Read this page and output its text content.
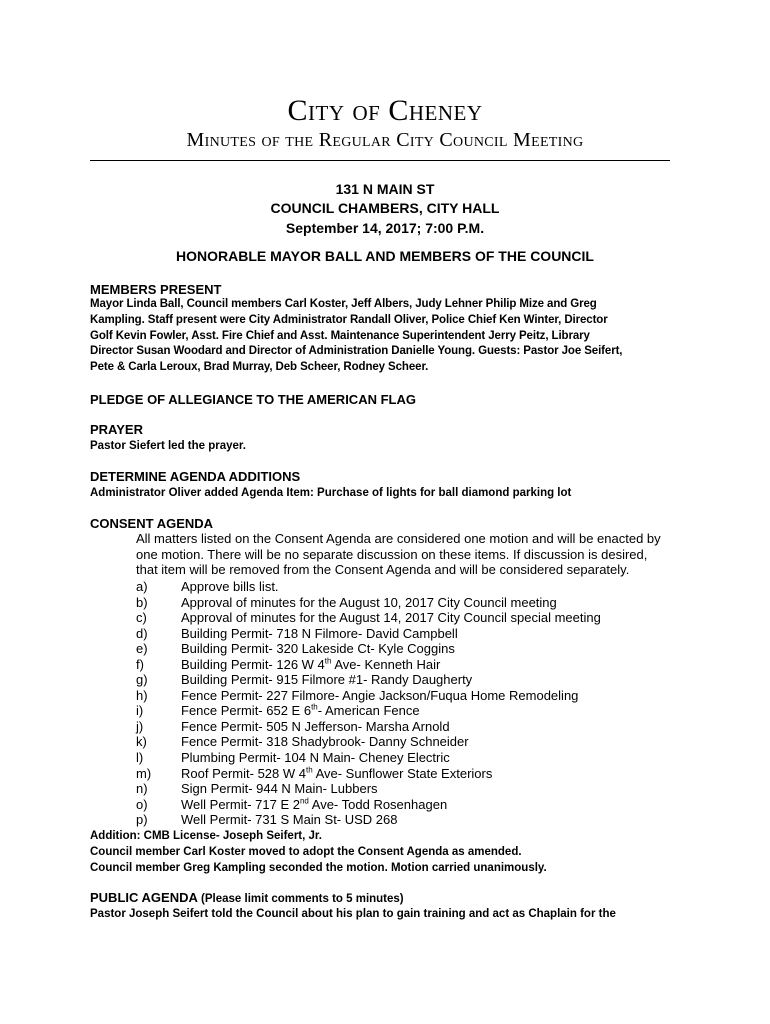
City of Cheney
Minutes of the Regular City Council Meeting
131 N MAIN ST
COUNCIL CHAMBERS, CITY HALL
September 14, 2017; 7:00 P.M.
HONORABLE MAYOR BALL AND MEMBERS OF THE COUNCIL
MEMBERS PRESENT
Mayor Linda Ball, Council members Carl Koster, Jeff Albers, Judy Lehner Philip Mize and Greg
Kampling. Staff present were City Administrator Randall Oliver, Police Chief Ken Winter, Director
Golf Kevin Fowler, Asst. Fire Chief and Asst. Maintenance Superintendent Jerry Peitz, Library
Director Susan Woodard and Director of Administration Danielle Young. Guests: Pastor Joe Seifert,
Pete & Carla Leroux, Brad Murray, Deb Scheer, Rodney Scheer.
PLEDGE OF ALLEGIANCE TO THE AMERICAN FLAG
PRAYER
Pastor Siefert led the prayer.
DETERMINE AGENDA ADDITIONS
Administrator Oliver added Agenda Item: Purchase of lights for ball diamond parking lot
CONSENT AGENDA
All matters listed on the Consent Agenda are considered one motion and will be enacted by
one motion. There will be no separate discussion on these items. If discussion is desired,
that item will be removed from the Consent Agenda and will be considered separately.
a)	Approve bills list.
b)	Approval of minutes for the August 10, 2017 City Council meeting
c)	Approval of minutes for the August 14, 2017 City Council special meeting
d)	Building Permit- 718 N Filmore- David Campbell
e)	Building Permit- 320 Lakeside Ct- Kyle Coggins
f)	Building Permit- 126 W 4th Ave- Kenneth Hair
g)	Building Permit- 915 Filmore #1- Randy Daugherty
h)	Fence Permit- 227 Filmore- Angie Jackson/Fuqua Home Remodeling
i)	Fence Permit- 652 E 6th- American Fence
j)	Fence Permit- 505 N Jefferson- Marsha Arnold
k)	Fence Permit- 318 Shadybrook- Danny Schneider
l)	Plumbing Permit- 104 N Main- Cheney Electric
m)	Roof Permit- 528 W 4th Ave- Sunflower State Exteriors
n)	Sign Permit- 944 N Main- Lubbers
o)	Well Permit- 717 E 2nd Ave- Todd Rosenhagen
p)	Well Permit- 731 S Main St- USD 268
Addition: CMB License- Joseph Seifert, Jr.
Council member Carl Koster moved to adopt the Consent Agenda as amended.
Council member Greg Kampling seconded the motion. Motion carried unanimously.
PUBLIC AGENDA (Please limit comments to 5 minutes)
Pastor Joseph Seifert told the Council about his plan to gain training and act as Chaplain for the
